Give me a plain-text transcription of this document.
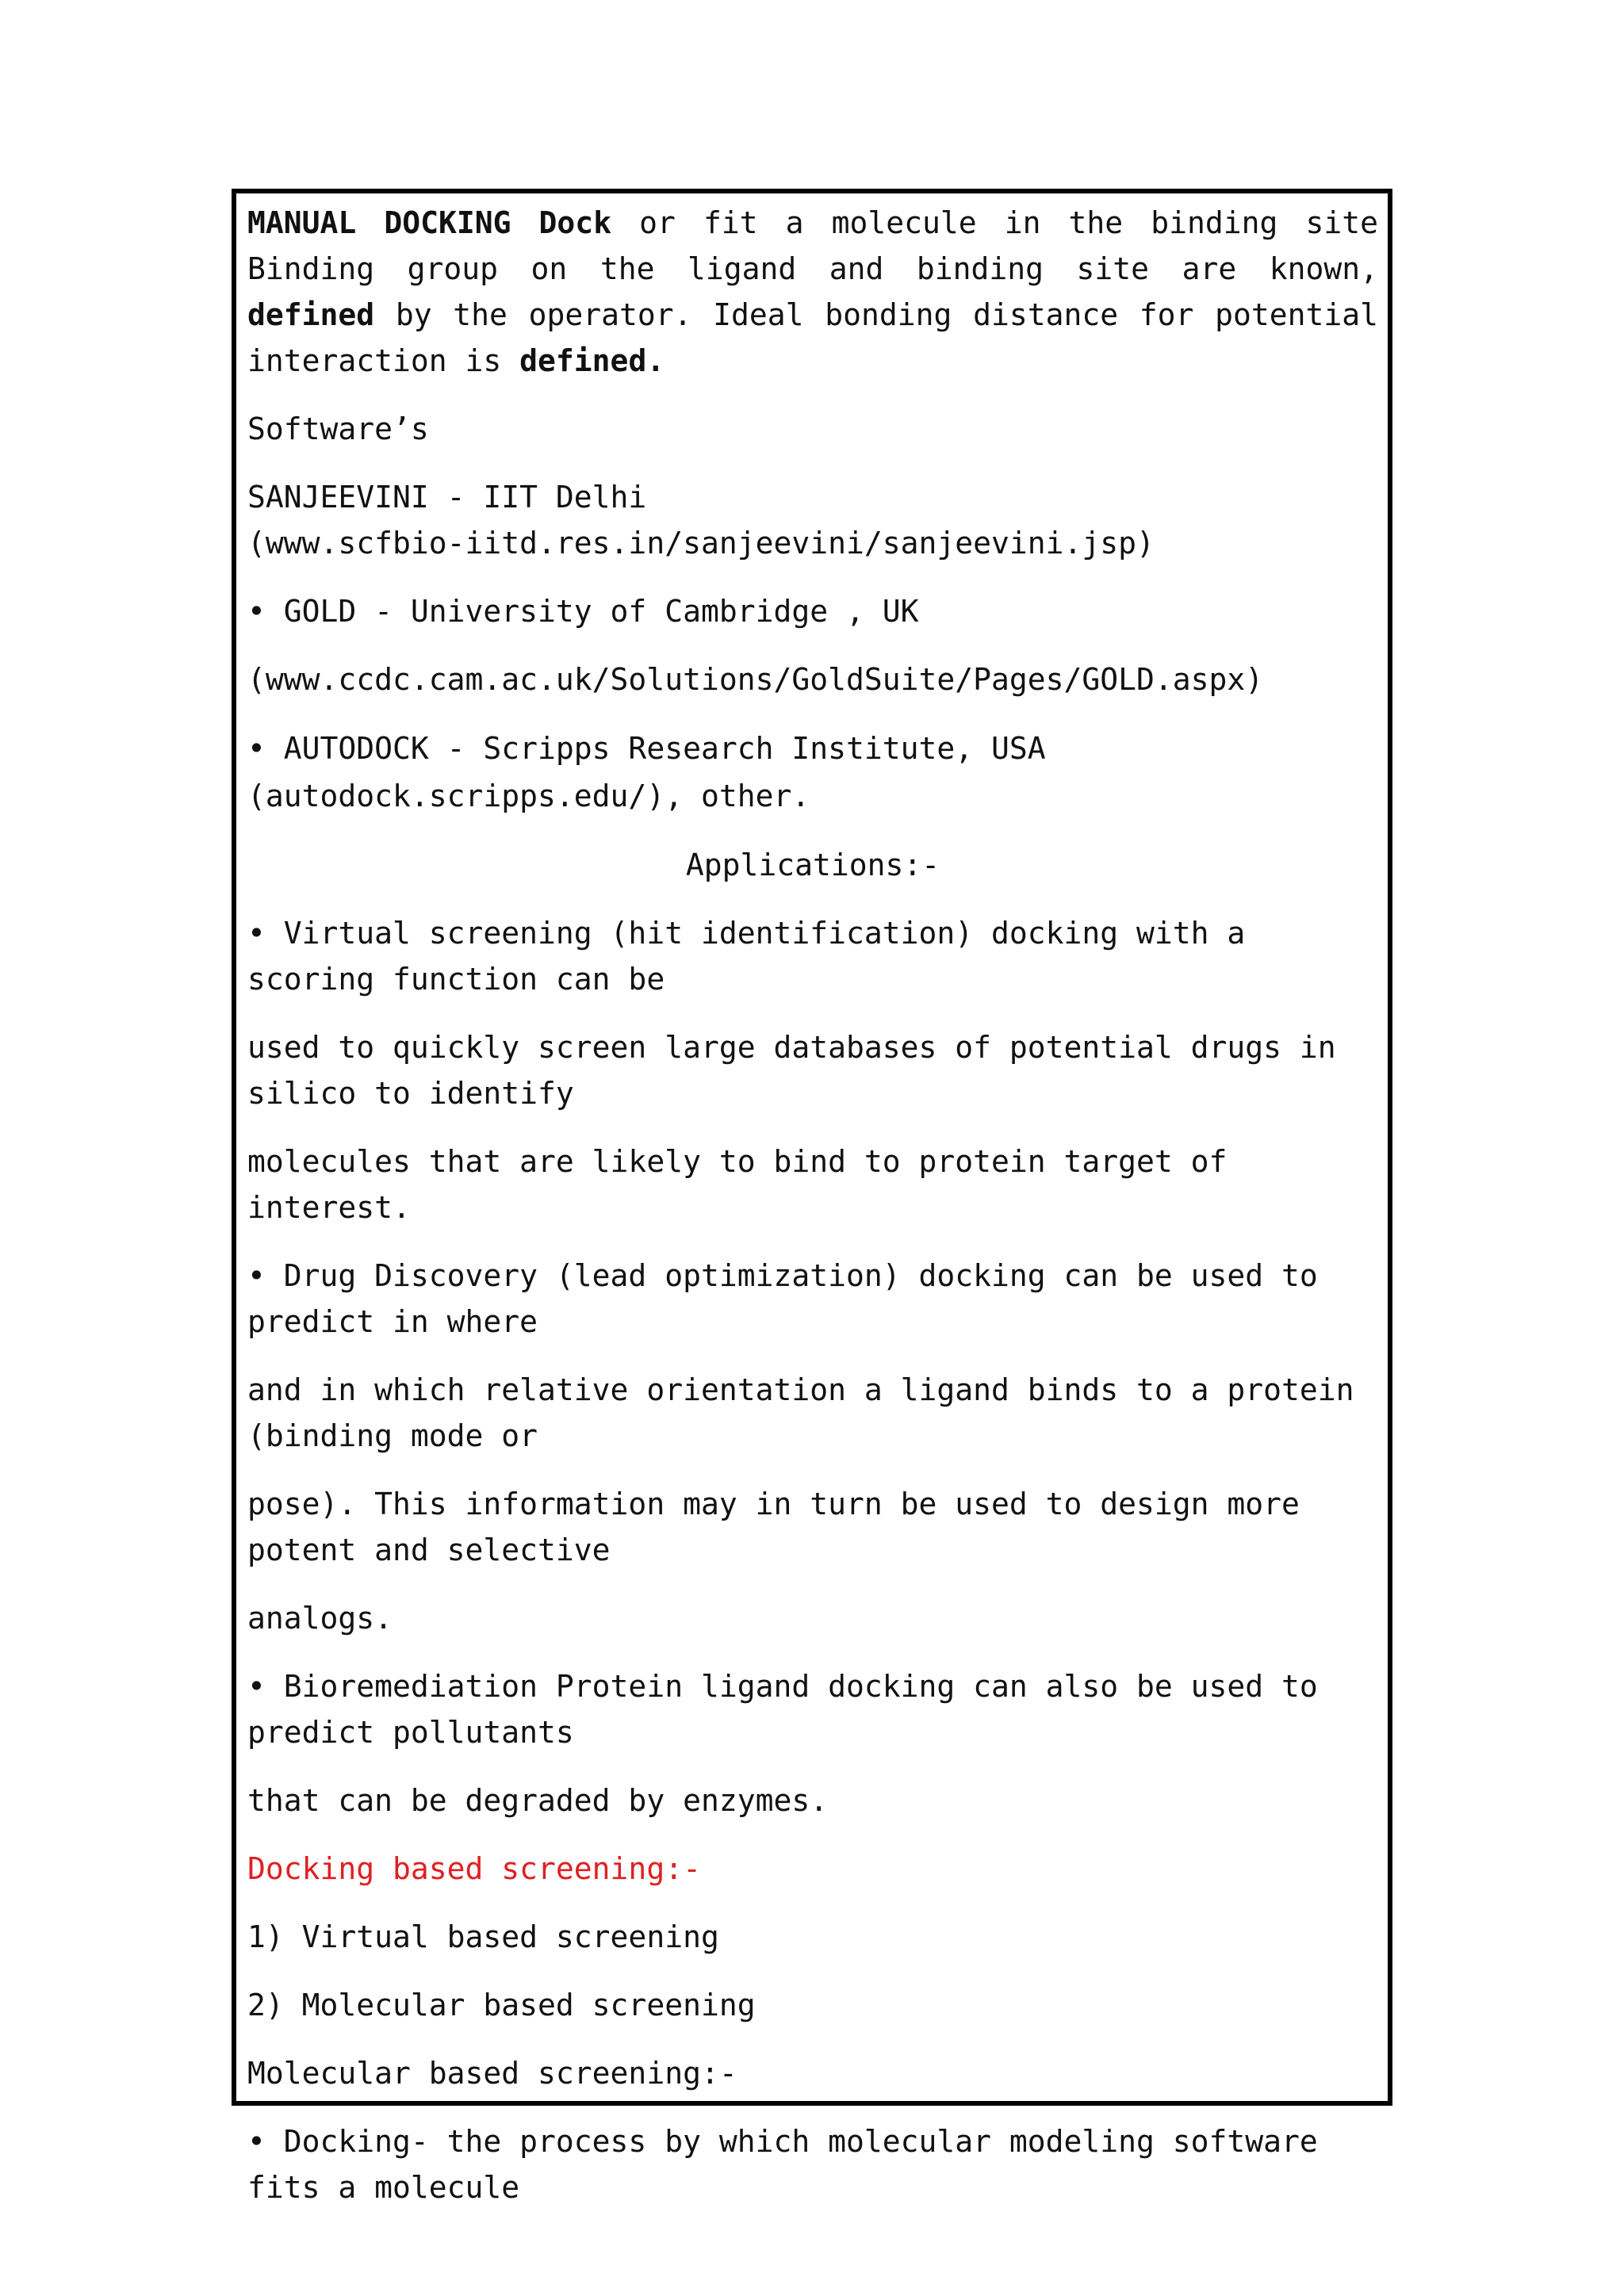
MANUAL DOCKING Dock or fit a molecule in the binding site Binding group on the ligand and binding site are known, defined by the operator. Ideal bonding distance for potential interaction is defined.

Software’s

SANJEEVINI - IIT Delhi
(www.scfbio-iitd.res.in/sanjeevini/sanjeevini.jsp)

• GOLD - University of Cambridge , UK

(www.ccdc.cam.ac.uk/Solutions/GoldSuite/Pages/GOLD.aspx)

• AUTODOCK - Scripps Research Institute, USA
(autodock.scripps.edu/), other.

Applications:-

• Virtual screening (hit identification) docking with a scoring function can be

used to quickly screen large databases of potential drugs in silico to identify

molecules that are likely to bind to protein target of interest.

• Drug Discovery (lead optimization) docking can be used to predict in where

and in which relative orientation a ligand binds to a protein (binding mode or

pose). This information may in turn be used to design more potent and selective

analogs.

• Bioremediation Protein ligand docking can also be used to predict pollutants

that can be degraded by enzymes.

Docking based screening:-

1) Virtual based screening

2) Molecular based screening

Molecular based screening:-

• Docking- the process by which molecular modeling software fits a molecule
